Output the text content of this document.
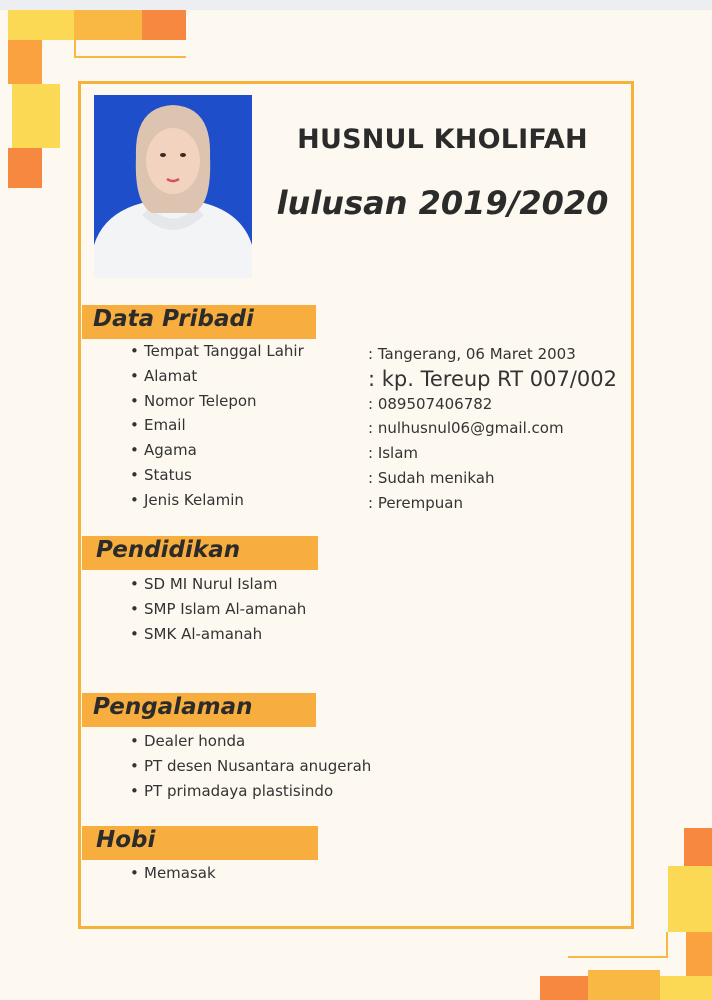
HUSNUL KHOLIFAH
lulusan 2019/2020
Data Pribadi
• Tempat Tanggal Lahir
• Alamat
• Nomor Telepon
• Email
• Agama
• Status
• Jenis Kelamin
: Tangerang, 06 Maret 2003
: kp. Tereup RT 007/002
: 089507406782
: nulhusnul06@gmail.com
: Islam
: Sudah menikah
: Perempuan
Pendidikan
• SD MI Nurul Islam
• SMP Islam Al-amanah
• SMK Al-amanah
Pengalaman
• Dealer honda
• PT desen Nusantara anugerah
• PT primadaya plastisindo
Hobi
• Memasak
